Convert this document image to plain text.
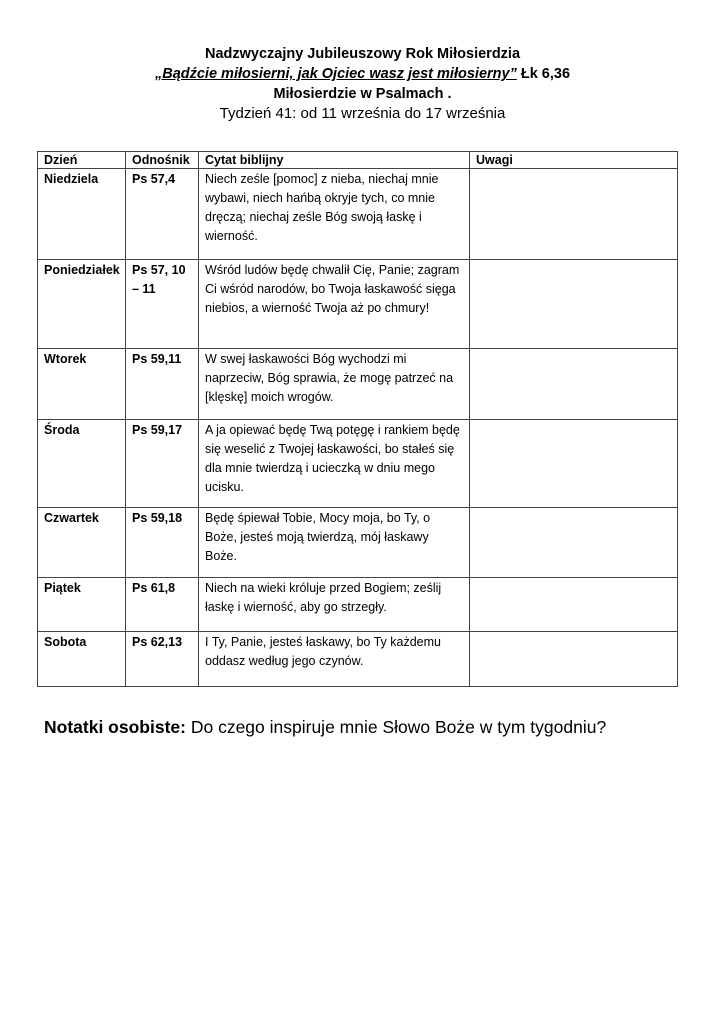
Nadzwyczajny Jubileuszowy Rok Miłosierdzia
„Bądźcie miłosierni, jak Ojciec wasz jest miłosierny” Łk 6,36
Miłosierdzie w Psalmach .
Tydzień 41: od 11 września do 17 września
Dzień	Odnośnik	Cytat biblijny	Uwagi
Niedziela	Ps 57,4	Niech ześle [pomoc] z nieba, niechaj mnie wybawi, niech hańbą okryje tych, co mnie dręczą; niechaj ześle Bóg swoją łaskę i wierność.	
Poniedziałek	Ps 57, 10 – 11	Wśród ludów będę chwalił Cię, Panie; zagram Ci wśród narodów, bo Twoja łaskawość sięga niebios, a wierność Twoja aż po chmury!	
Wtorek	Ps 59,11	W swej łaskawości Bóg wychodzi mi naprzeciw, Bóg sprawia, że mogę patrzeć na [klęskę] moich wrogów.	
Środa	Ps 59,17	A ja opiewać będę Twą potęgę i rankiem będę się weselić z Twojej łaskawości, bo stałeś się dla mnie twierdzą i ucieczką w dniu mego ucisku.	
Czwartek	Ps 59,18	Będę śpiewał Tobie, Mocy moja, bo Ty, o Boże, jesteś moją twierdzą, mój łaskawy Boże.	
Piątek	Ps 61,8	Niech na wieki króluje przed Bogiem; ześlij łaskę i wierność, aby go strzegły.	
Sobota	Ps 62,13	I Ty, Panie, jesteś łaskawy, bo Ty każdemu oddasz według jego czynów.	
Notatki osobiste: Do czego inspiruje mnie Słowo Boże w tym tygodniu?
